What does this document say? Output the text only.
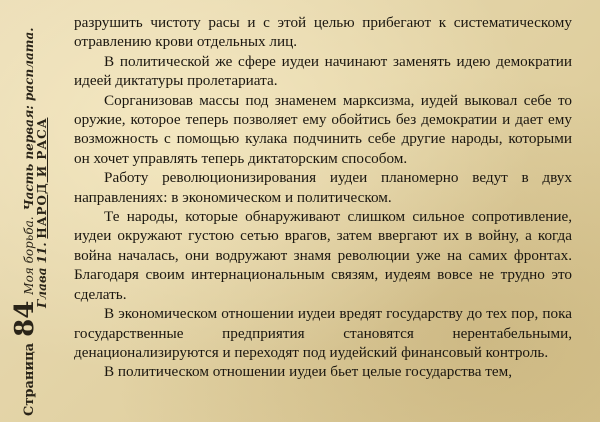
Страница
84
Моя борьба.
Часть первая: расплата.
Глава 11. НАРОД И РАСА

разрушить чистоту расы и с этой целью прибегают к систематическому отравлению крови отдельных лиц.

В политической же сфере иудеи начинают заменять идею демократии идеей диктатуры пролетариата.

Сорганизовав массы под знаменем марксизма, иудей выковал себе то оружие, которое теперь позволяет ему обойтись без демократии и дает ему возможность с помощью кулака подчинить себе другие народы, которыми он хочет управлять теперь диктаторским способом.

Работу революционизирования иудеи планомерно ведут в двух направлениях: в экономическом и политическом.

Те народы, которые обнаруживают слишком сильное сопротивление, иудеи окружают густою сетью врагов, затем ввергают их в войну, а когда война началась, они водружают знамя революции уже на самих фронтах. Благодаря своим интернациональным связям, иудеям вовсе не трудно это сделать.

В экономическом отношении иудеи вредят государству до тех пор, пока государственные предприятия становятся нерентабельными, денационализируются и переходят под иудейский финансовый контроль.

В политическом отношении иудеи бьет целые государства тем,
